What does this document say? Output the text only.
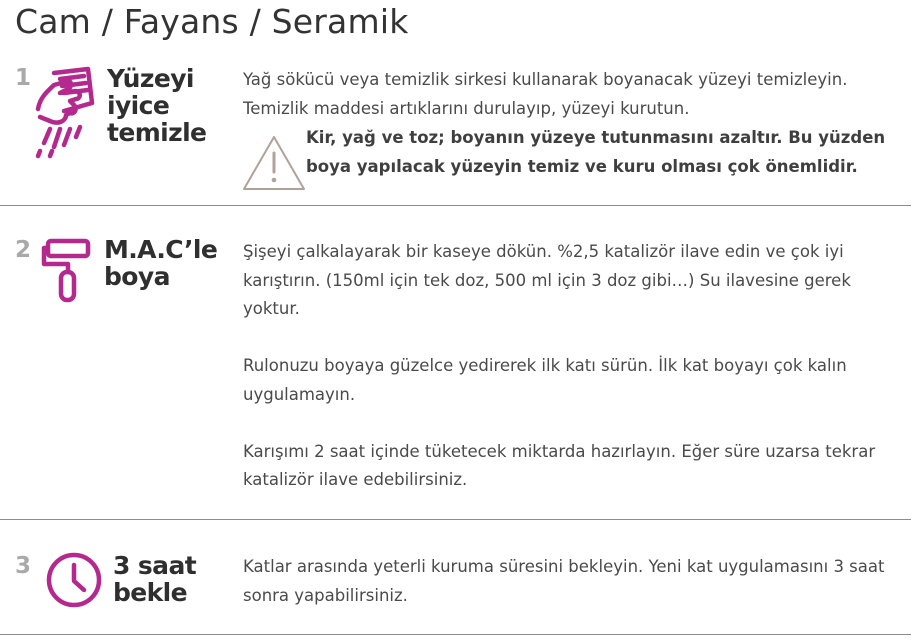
Cam / Fayans / Seramik
1	Yüzeyi
iyice
temizle

Yağ sökücü veya temizlik sirkesi kullanarak boyanacak yüzeyi temizleyin. Temizlik maddesi artıklarını durulayıp, yüzeyi kurutun.

Kir, yağ ve toz; boyanın yüzeye tutunmasını azaltır. Bu yüzden boya yapılacak yüzeyin temiz ve kuru olması çok önemlidir.
2	M.A.C’le
boya

Şişeyi çalkalayarak bir kaseye dökün. %2,5 katalizör ilave edin ve çok iyi karıştırın. (150ml için tek doz, 500 ml için 3 doz gibi…) Su ilavesine gerek yoktur.

Rulonuzu boyaya güzelce yedirerek ilk katı sürün. İlk kat boyayı çok kalın uygulamayın.

Karışımı 2 saat içinde tüketecek miktarda hazırlayın. Eğer süre uzarsa tekrar katalizör ilave edebilirsiniz.

3	3 saat
bekle

Katlar arasında yeterli kuruma süresini bekleyin. Yeni kat uygulamasını 3 saat sonra yapabilirsiniz.
